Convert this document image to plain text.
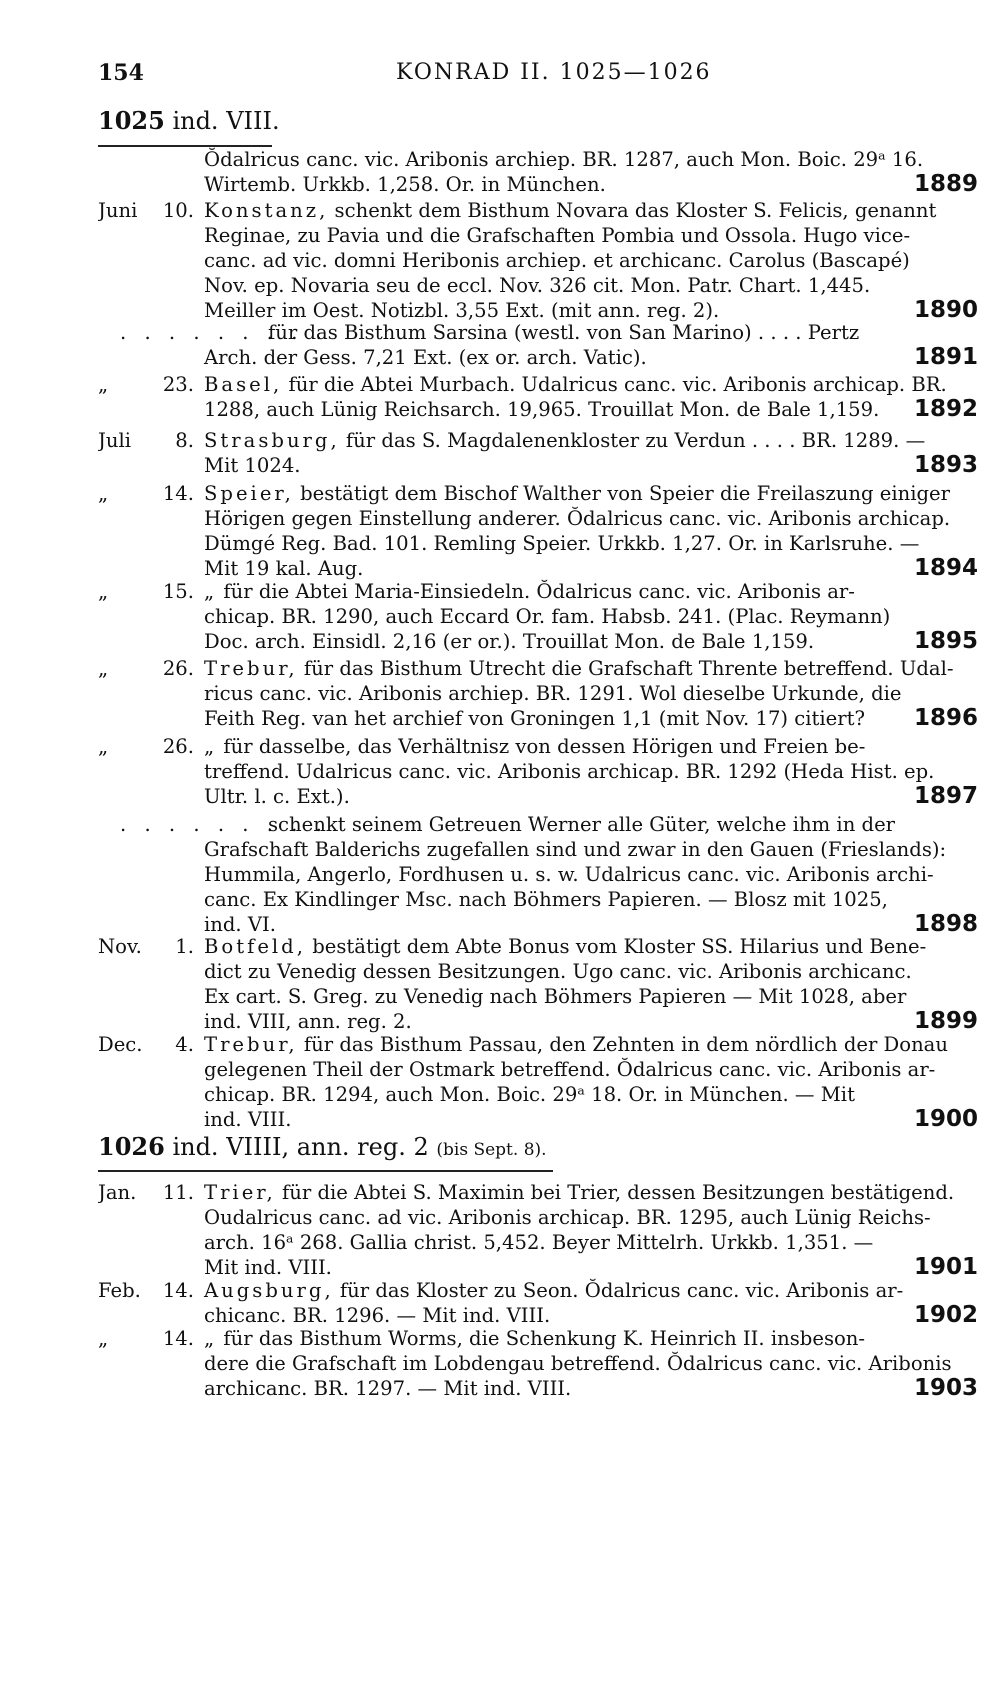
154	KONRAD II. 1025—1026
1025 ind. VIII.
1026 ind. VIIII, ann. reg. 2 (bis Sept. 8).
Ŏdalricus canc. vic. Aribonis archiep. BR. 1287, auch Mon. Boic. 29ᵃ 16.
Wirtemb. Urkkb. 1,258. Or. in München.	1889
Juni 10. Konstanz, schenkt dem Bisthum Novara das Kloster S. Felicis, genannt
Reginae, zu Pavia und die Grafschaften Pombia und Ossola. Hugo vice-
canc. ad vic. domni Heribonis archiep. et archicanc. Carolus (Bascapé)
Nov. ep. Novaria seu de eccl. Nov. 326 cit. Mon. Patr. Chart. 1,445.
Meiller im Oest. Notizbl. 3,55 Ext. (mit ann. reg. 2).	1890
. . . . . . . . .
für das Bisthum Sarsina (westl. von San Marino) . . . . Pertz
Arch. der Gess. 7,21 Ext. (ex or. arch. Vatic).	1891
„	23. Basel, für die Abtei Murbach. Udalricus canc. vic. Aribonis archicap. BR.
1288, auch Lünig Reichsarch. 19,965. Trouillat Mon. de Bale 1,159. 1892
Juli 8. Strasburg, für das S. Magdalenenkloster zu Verdun . . . . BR. 1289. —
Mit 1024.	1893
„	14. Speier, bestätigt dem Bischof Walther von Speier die Freilaszung einiger
Hörigen gegen Einstellung anderer. Ŏdalricus canc. vic. Aribonis archicap.
Dümgé Reg. Bad. 101. Remling Speier. Urkkb. 1,27. Or. in Karlsruhe. —
Mit 19 kal. Aug.	1894
„	15. „ für die Abtei Maria-Einsiedeln. Ŏdalricus canc. vic. Aribonis ar-
chicap. BR. 1290, auch Eccard Or. fam. Habsb. 241. (Plac. Reymann)
Doc. arch. Einsidl. 2,16 (er or.). Trouillat Mon. de Bale 1,159.	1895
„	26. Trebur, für das Bisthum Utrecht die Grafschaft Thrente betreffend. Udal-
ricus canc. vic. Aribonis archiep. BR. 1291. Wol dieselbe Urkunde, die
Feith Reg. van het archief von Groningen 1,1 (mit Nov. 17) citiert? 1896
„	26. „ für dasselbe, das Verhältnisz von dessen Hörigen und Freien be-
treffend. Udalricus canc. vic. Aribonis archicap. BR. 1292 (Heda Hist. ep.
Ultr. l. c. Ext.).	1897
. . . . . . . . .
schenkt seinem Getreuen Werner alle Güter, welche ihm in der
Grafschaft Balderichs zugefallen sind und zwar in den Gauen (Frieslands):
Hummila, Angerlo, Fordhusen u. s. w. Udalricus canc. vic. Aribonis archi-
canc. Ex Kindlinger Msc. nach Böhmers Papieren. — Blosz mit 1025,
ind. VI.	1898
Nov. 1. Botfeld, bestätigt dem Abte Bonus vom Kloster SS. Hilarius und Bene-
dict zu Venedig dessen Besitzungen. Ugo canc. vic. Aribonis archicanc.
Ex cart. S. Greg. zu Venedig nach Böhmers Papieren — Mit 1028, aber
ind. VIII, ann. reg. 2.	1899
Dec. 4. Trebur, für das Bisthum Passau, den Zehnten in dem nördlich der Donau
gelegenen Theil der Ostmark betreffend. Ŏdalricus canc. vic. Aribonis ar-
chicap. BR. 1294, auch Mon. Boic. 29ᵃ 18. Or. in München. — Mit
ind. VIII.	1900
Jan. 11. Trier, für die Abtei S. Maximin bei Trier, dessen Besitzungen bestätigend.
Oudalricus canc. ad vic. Aribonis archicap. BR. 1295, auch Lünig Reichs-
arch. 16ᵃ 268. Gallia christ. 5,452. Beyer Mittelrh. Urkkb. 1,351. —
Mit ind. VIII.	1901
Feb. 14. Augsburg, für das Kloster zu Seon. Ŏdalricus canc. vic. Aribonis ar-
chicanc. BR. 1296. — Mit ind. VIII.	1902
„	14. „ für das Bisthum Worms, die Schenkung K. Heinrich II. insbeson-
dere die Grafschaft im Lobdengau betreffend. Ŏdalricus canc. vic. Aribonis
archicanc. BR. 1297. — Mit ind. VIII.	1903
